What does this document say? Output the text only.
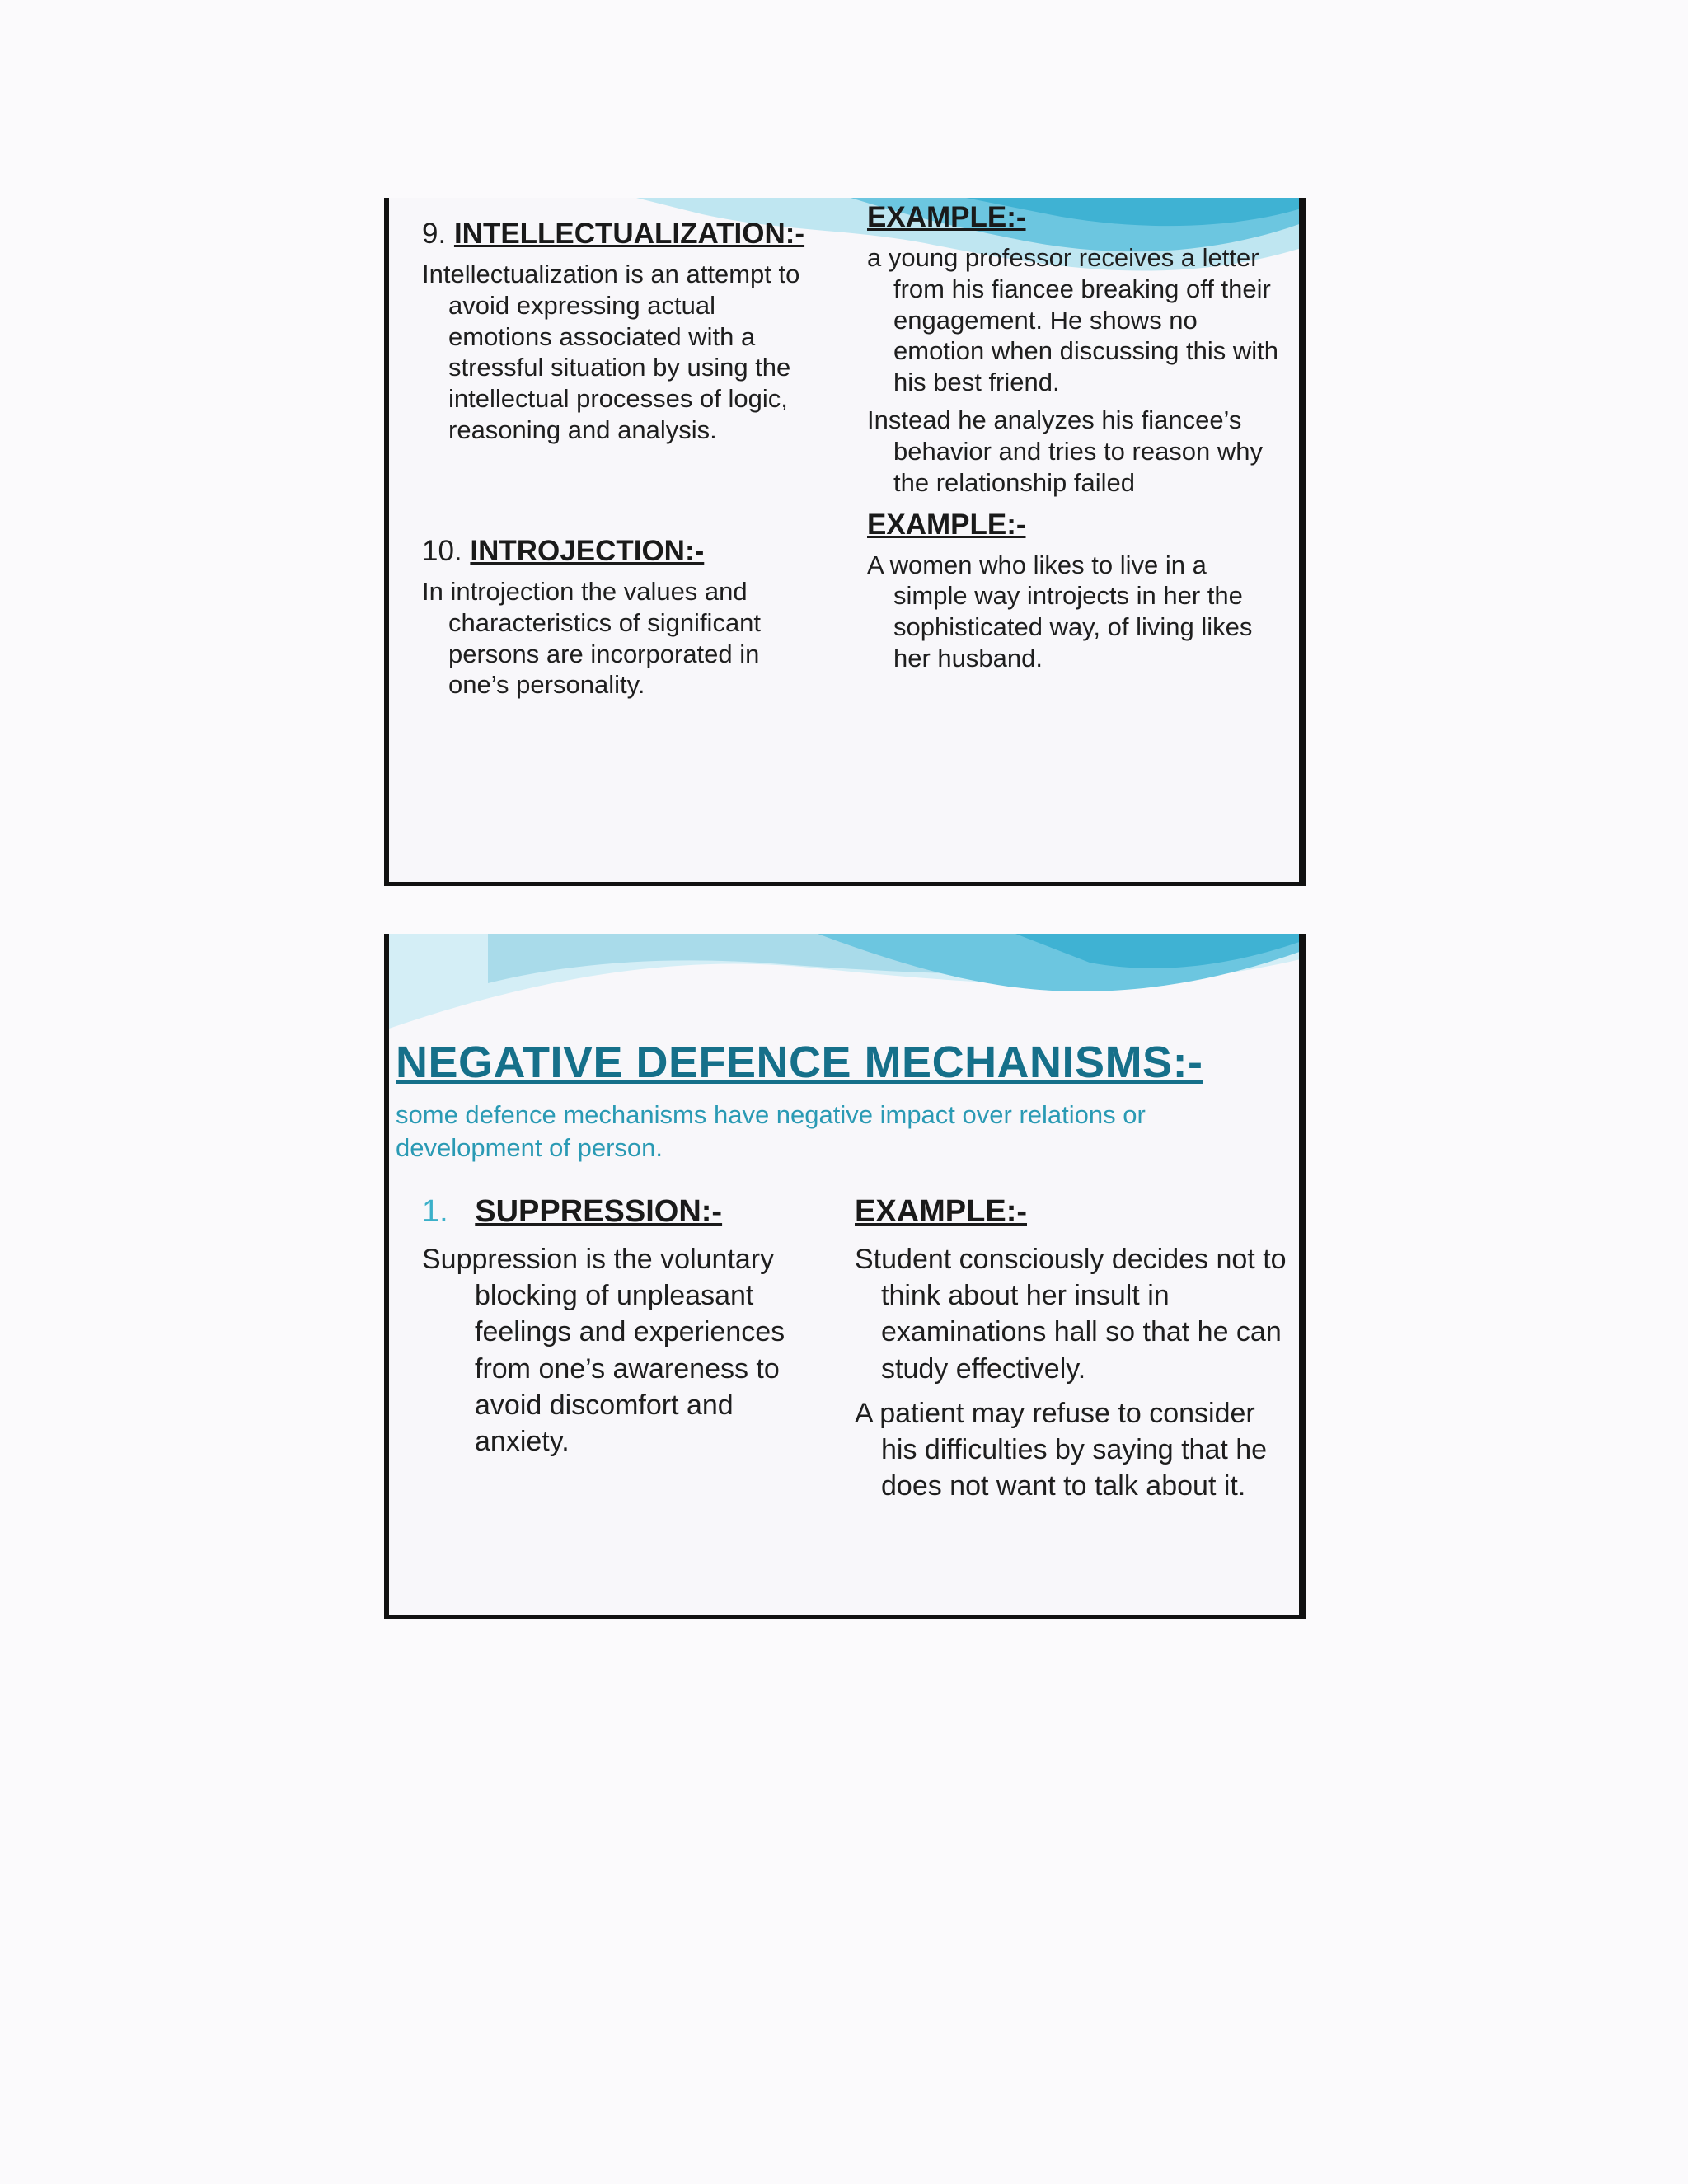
9. INTELLECTUALIZATION:-

Intellectualization is an attempt to avoid expressing actual emotions associated with a stressful situation by using the intellectual processes of logic, reasoning and analysis.

10. INTROJECTION:-

In introjection the values and characteristics of significant persons are incorporated in one’s personality.

EXAMPLE:-

a young professor receives a letter from his fiancee breaking off their engagement. He shows no emotion when discussing this with his best friend.

Instead he analyzes his fiancee’s behavior and tries to reason why the relationship failed

EXAMPLE:-

A women who likes to live in a simple way introjects in her the sophisticated way, of living likes her husband.

NEGATIVE DEFENCE MECHANISMS:-

some defence mechanisms have negative impact over relations or development of person.

1. SUPPRESSION:-

Suppression is the voluntary blocking of unpleasant feelings and experiences from one’s awareness to avoid discomfort and anxiety.

EXAMPLE:-

Student consciously decides not to think about her insult in examinations hall so that he can study effectively.

A patient may refuse to consider his difficulties by saying that he does not want to talk about it.
